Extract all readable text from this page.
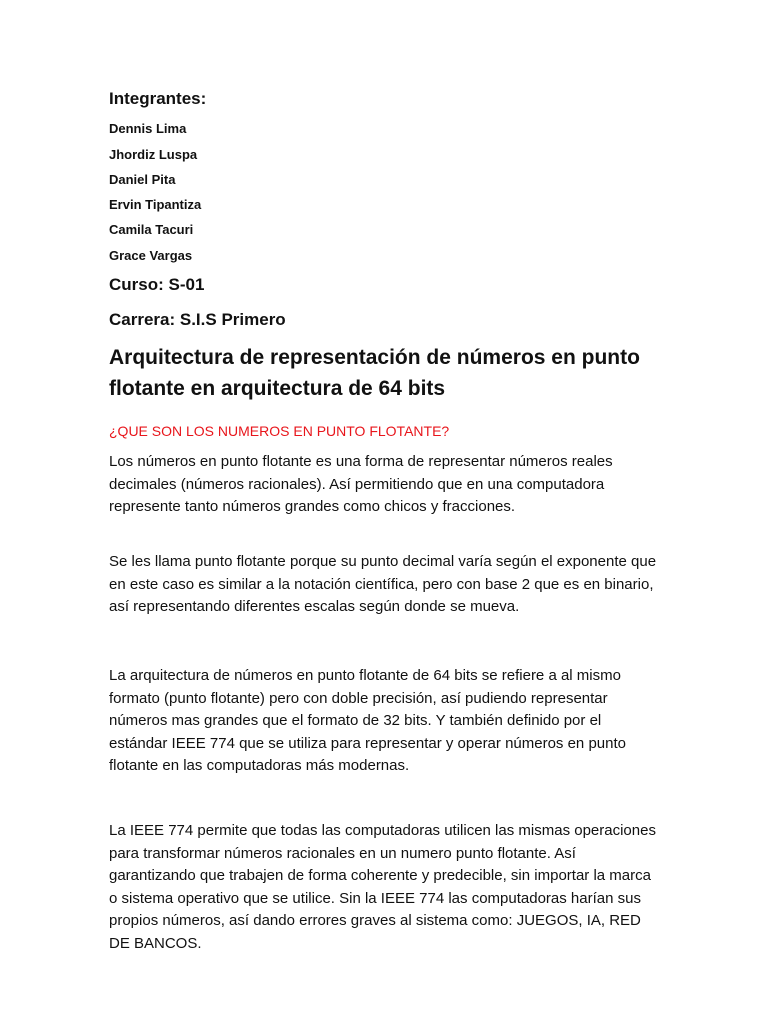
Integrantes:

Dennis Lima

Jhordiz Luspa

Daniel Pita

Ervin Tipantiza

Camila Tacuri

Grace Vargas

Curso: S-01

Carrera: S.I.S Primero

Arquitectura de representación de números en punto flotante en arquitectura de 64 bits

¿QUE SON LOS NUMEROS EN PUNTO FLOTANTE?

Los números en punto flotante es una forma de representar números reales decimales (números racionales). Así permitiendo que en una computadora represente tanto números grandes como chicos y fracciones.

Se les llama punto flotante porque su punto decimal varía según el exponente que en este caso es similar a la notación científica, pero con base 2 que es en binario, así representando diferentes escalas según donde se mueva.

La arquitectura de números en punto flotante de 64 bits se refiere a al mismo formato (punto flotante) pero con doble precisión, así pudiendo representar números mas grandes que el formato de 32 bits. Y también definido por el estándar IEEE 774 que se utiliza para representar y operar números en punto flotante en las computadoras más modernas.

La IEEE 774 permite que todas las computadoras utilicen las mismas operaciones para transformar números racionales en un numero punto flotante. Así garantizando que trabajen de forma coherente y predecible, sin importar la marca o sistema operativo que se utilice. Sin la IEEE 774 las computadoras harían sus propios números, así dando errores graves al sistema como: JUEGOS, IA, RED DE BANCOS.
